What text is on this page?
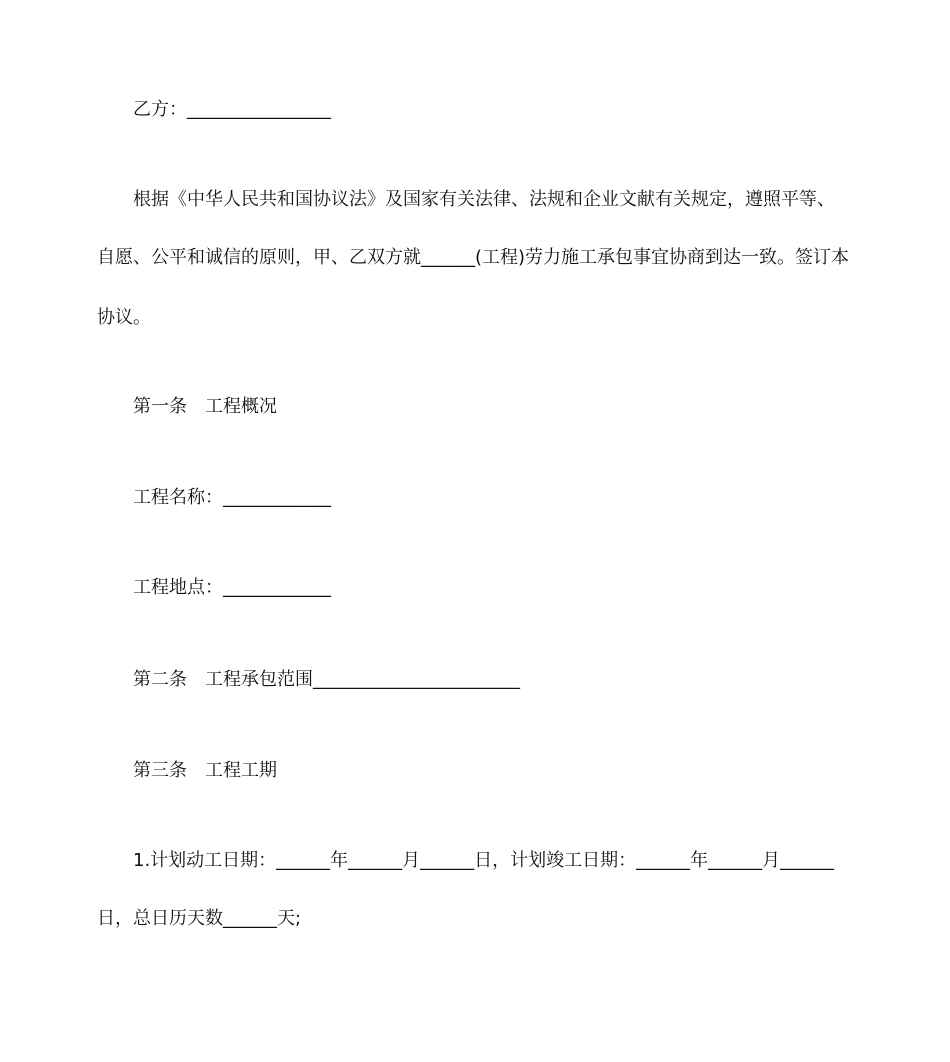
乙方：________________
根据《中华人民共和国协议法》及国家有关法律、法规和企业文献有关规定，遵照平等、
自愿、公平和诚信的原则，甲、乙双方就______(工程)劳力施工承包事宜协商到达一致。签订本
协议。
第一条　工程概况
工程名称：____________
工程地点：____________
第二条　工程承包范围_______________________
第三条　工程工期
1.计划动工日期：______年______月______日，计划竣工日期：______年______月______
日，总日历天数______天;
